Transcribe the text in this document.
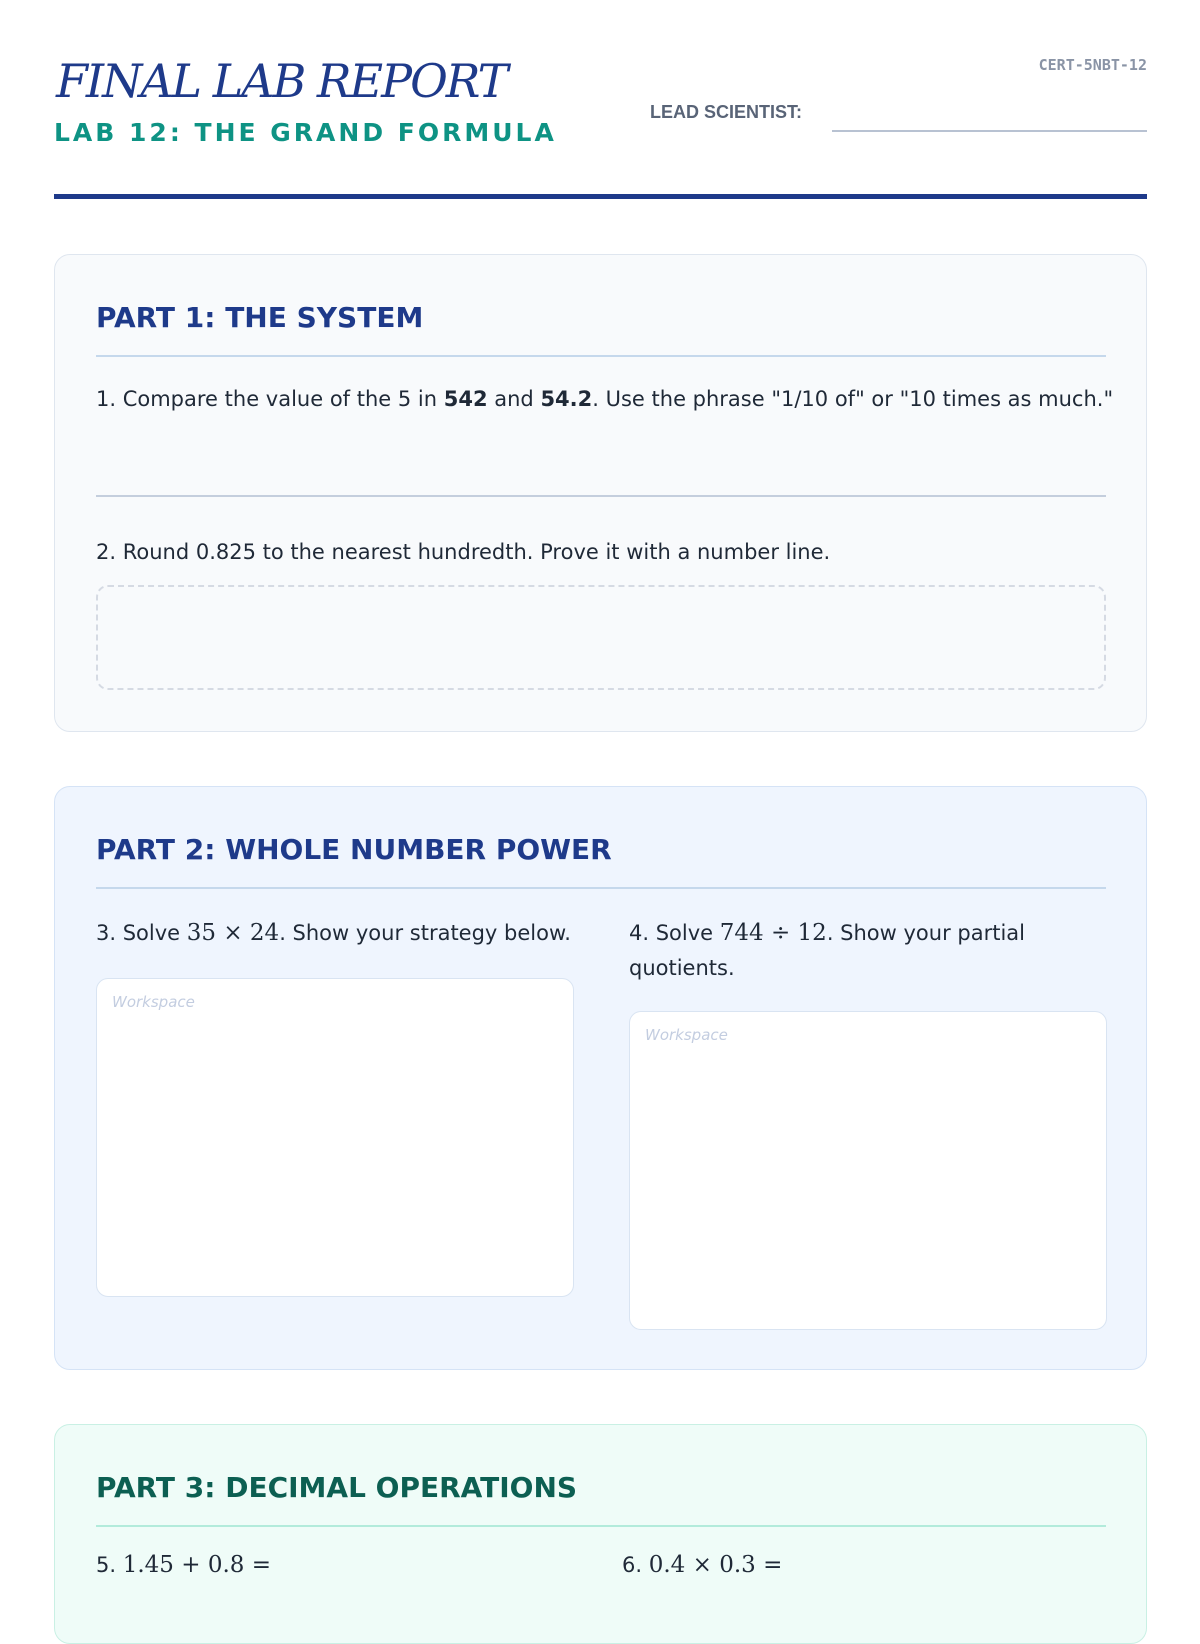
FINAL LAB REPORT
LAB 12: THE GRAND FORMULA
CERT-5NBT-12
LEAD SCIENTIST:
PART 1: THE SYSTEM
1. Compare the value of the 5 in 542 and 54.2. Use the phrase "1/10 of" or "10 times as much."
2. Round 0.825 to the nearest hundredth. Prove it with a number line.
PART 2: WHOLE NUMBER POWER
3. Solve 35 × 24. Show your strategy below.
Workspace
4. Solve 744 ÷ 12. Show your partial quotients.
Workspace
PART 3: DECIMAL OPERATIONS
5. 1.45 + 0.8 =	6. 0.4 × 0.3 =
